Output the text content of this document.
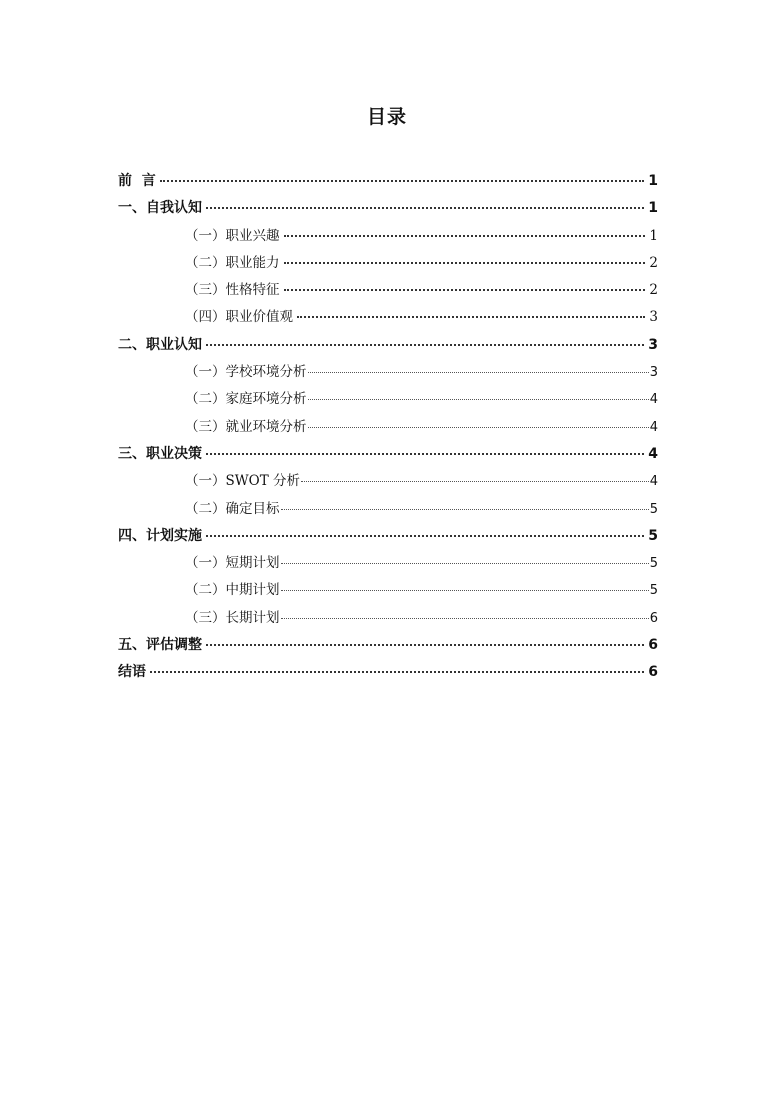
目录
前  言	1
一、自我认知	1
（一）职业兴趣	1
（二）职业能力	2
（三）性格特征	2
（四）职业价值观	3
二、职业认知	3
（一）学校环境分析	3
（二）家庭环境分析	4
（三）就业环境分析	4
三、职业决策	4
（一）SWOT 分析	4
（二）确定目标	5
四、计划实施	5
（一）短期计划	5
（二）中期计划	5
（三）长期计划	6
五、评估调整	6
结语	6
